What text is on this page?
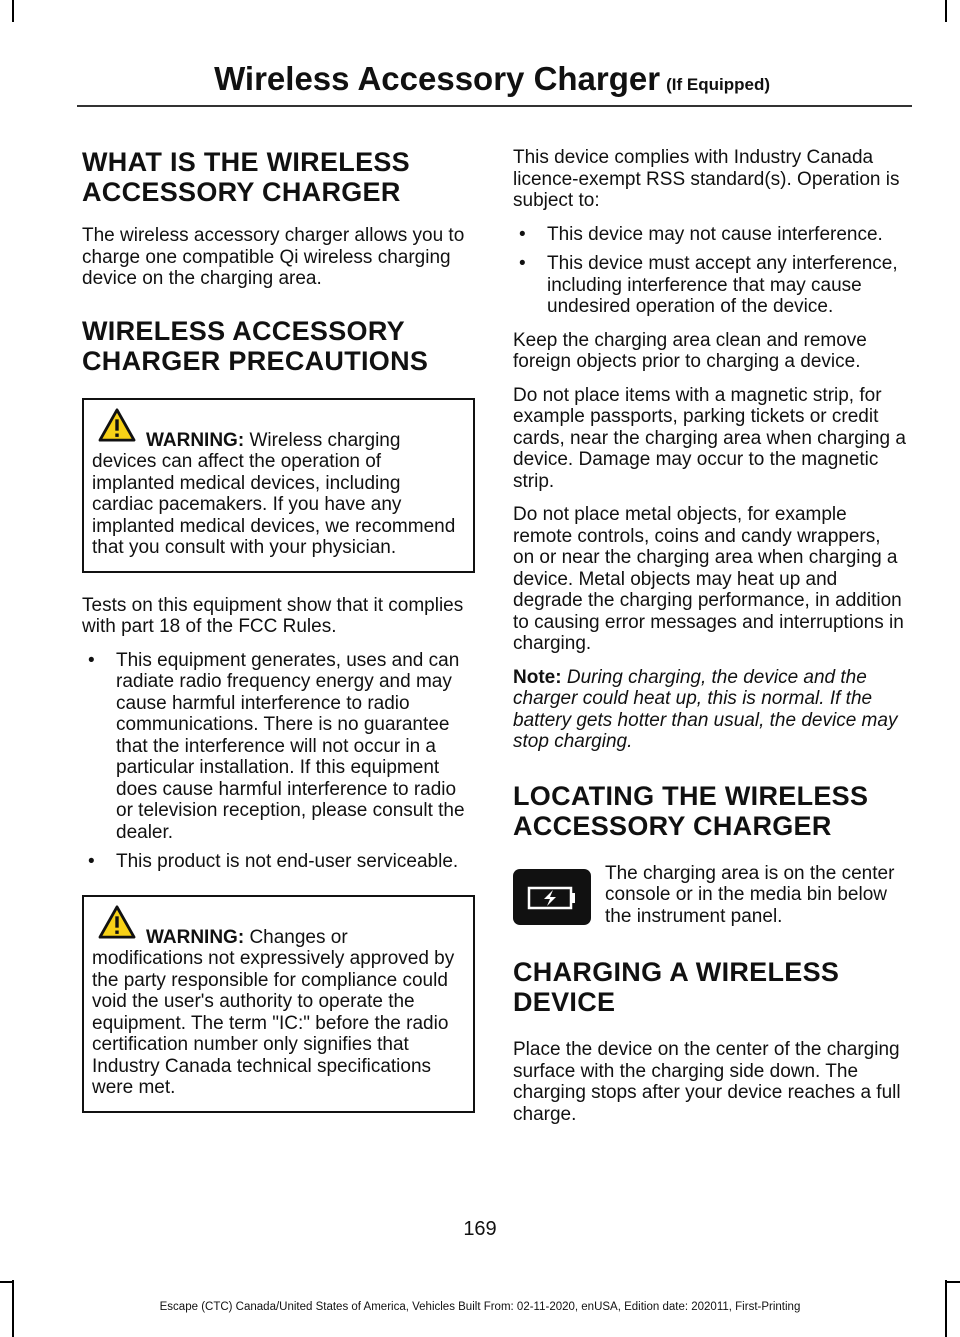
Wireless Accessory Charger (If Equipped)
WHAT IS THE WIRELESS ACCESSORY CHARGER

The wireless accessory charger allows you to charge one compatible Qi wireless charging device on the charging area.

WIRELESS ACCESSORY CHARGER PRECAUTIONS

WARNING: Wireless charging devices can affect the operation of implanted medical devices, including cardiac pacemakers. If you have any implanted medical devices, we recommend that you consult with your physician.

Tests on this equipment show that it complies with part 18 of the FCC Rules.

• This equipment generates, uses and can radiate radio frequency energy and may cause harmful interference to radio communications. There is no guarantee that the interference will not occur in a particular installation. If this equipment does cause harmful interference to radio or television reception, please consult the dealer.
• This product is not end-user serviceable.

WARNING: Changes or modifications not expressively approved by the party responsible for compliance could void the user's authority to operate the equipment. The term "IC:" before the radio certification number only signifies that Industry Canada technical specifications were met.

This device complies with Industry Canada licence-exempt RSS standard(s). Operation is subject to:

• This device may not cause interference.
• This device must accept any interference, including interference that may cause undesired operation of the device.

Keep the charging area clean and remove foreign objects prior to charging a device.

Do not place items with a magnetic strip, for example passports, parking tickets or credit cards, near the charging area when charging a device. Damage may occur to the magnetic strip.

Do not place metal objects, for example remote controls, coins and candy wrappers, on or near the charging area when charging a device. Metal objects may heat up and degrade the charging performance, in addition to causing error messages and interruptions in charging.

Note: During charging, the device and the charger could heat up, this is normal. If the battery gets hotter than usual, the device may stop charging.

LOCATING THE WIRELESS ACCESSORY CHARGER

The charging area is on the center console or in the media bin below the instrument panel.

CHARGING A WIRELESS DEVICE

Place the device on the center of the charging surface with the charging side down. The charging stops after your device reaches a full charge.

169
Escape (CTC) Canada/United States of America, Vehicles Built From: 02-11-2020, enUSA, Edition date: 202011, First-Printing
